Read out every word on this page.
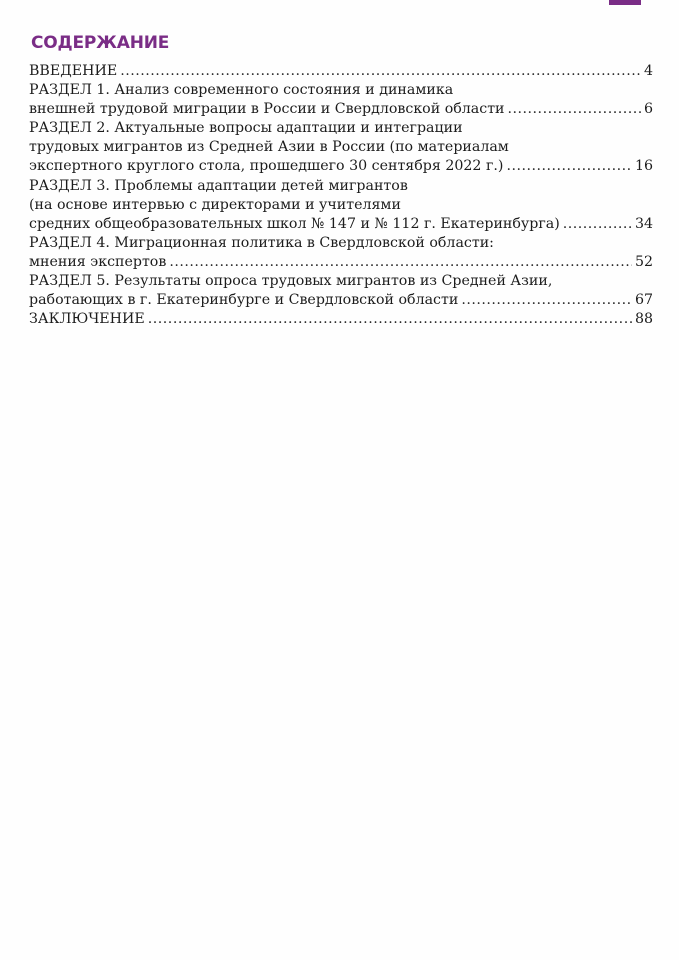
СОДЕРЖАНИЕ
ВВЕДЕНИЕ .....	4
РАЗДЕЛ 1. Анализ современного состояния и динамика
внешней трудовой миграции в России и Свердловской области .....	6
РАЗДЕЛ 2. Актуальные вопросы адаптации и интеграции
трудовых мигрантов из Средней Азии в России (по материалам
экспертного круглого стола, прошедшего 30 сентября 2022 г.) .....	16
РАЗДЕЛ 3. Проблемы адаптации детей мигрантов
(на основе интервью с директорами и учителями
средних общеобразовательных школ № 147 и № 112 г. Екатеринбурга) .....	34
РАЗДЕЛ 4. Миграционная политика в Свердловской области:
мнения экспертов .....	52
РАЗДЕЛ 5. Результаты опроса трудовых мигрантов из Средней Азии,
работающих в г. Екатеринбурге и Свердловской области .....	67
ЗАКЛЮЧЕНИЕ .....	88
